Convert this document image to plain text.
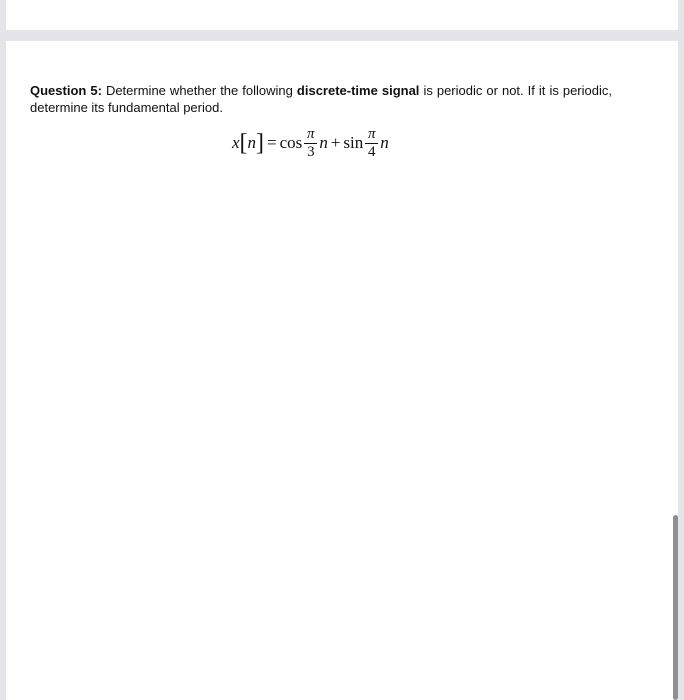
Question 5: Determine whether the following discrete-time signal is periodic or not. If it is periodic, determine its fundamental period.
x [ n ] = $\cos \frac{\pi}{3}$ $n + \sin \frac{\pi}{4}$ n
